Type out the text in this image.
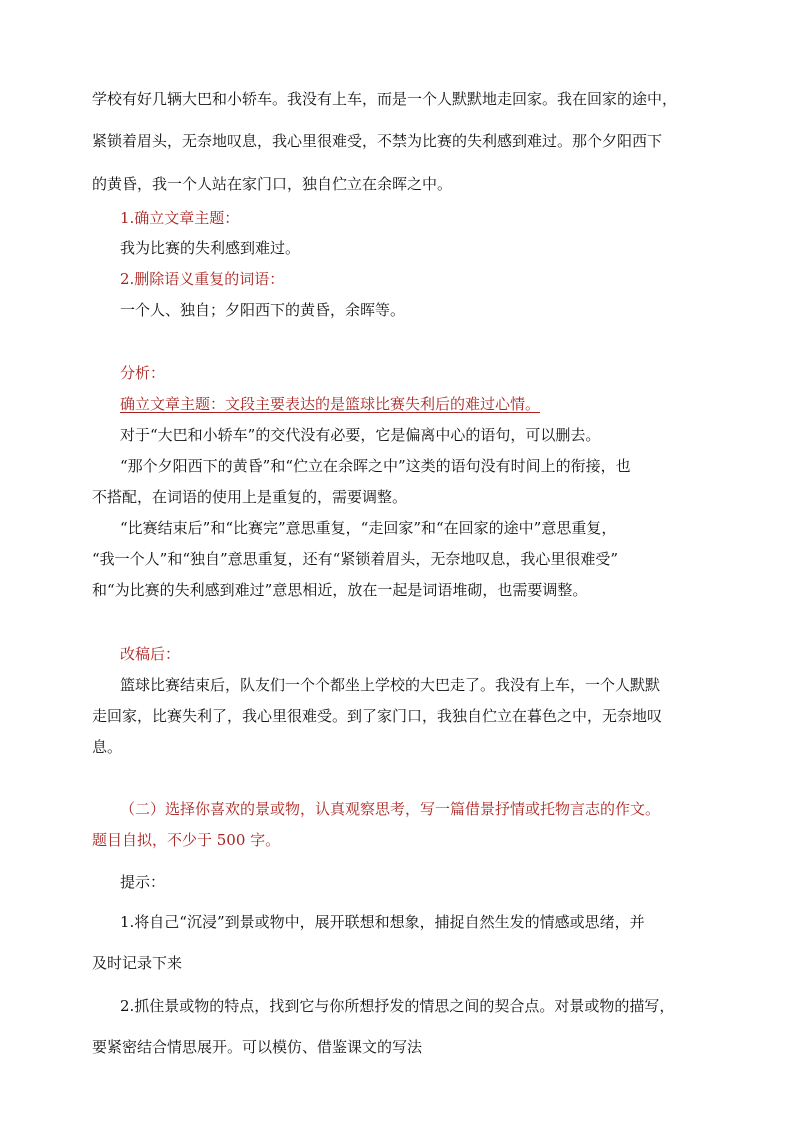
学校有好几辆大巴和小轿车。我没有上车，而是一个人默默地走回家。我在回家的途中，

紧锁着眉头，无奈地叹息，我心里很难受，不禁为比赛的失利感到难过。那个夕阳西下

的黄昏，我一个人站在家门口，独自伫立在余晖之中。

1.确立文章主题：

我为比赛的失利感到难过。

2.删除语义重复的词语：

一个人、独自；夕阳西下的黄昏，余晖等。

分析：

确立文章主题：文段主要表达的是篮球比赛失利后的难过心情。

对于“大巴和小轿车”的交代没有必要，它是偏离中心的语句，可以删去。

“那个夕阳西下的黄昏”和“伫立在余晖之中”这类的语句没有时间上的衔接，也

不搭配，在词语的使用上是重复的，需要调整。

“比赛结束后”和“比赛完”意思重复，“走回家”和“在回家的途中”意思重复，

“我一个人”和“独自”意思重复，还有“紧锁着眉头，无奈地叹息，我心里很难受”

和“为比赛的失利感到难过”意思相近，放在一起是词语堆砌，也需要调整。

改稿后：

篮球比赛结束后，队友们一个个都坐上学校的大巴走了。我没有上车，一个人默默

走回家，比赛失利了，我心里很难受。到了家门口，我独自伫立在暮色之中，无奈地叹

息。

（二）选择你喜欢的景或物，认真观察思考，写一篇借景抒情或托物言志的作文。

题目自拟，不少于 500 字。

提示：

1.将自己“沉浸”到景或物中，展开联想和想象，捕捉自然生发的情感或思绪，并

及时记录下来

2.抓住景或物的特点，找到它与你所想抒发的情思之间的契合点。对景或物的描写，

要紧密结合情思展开。可以模仿、借鉴课文的写法
